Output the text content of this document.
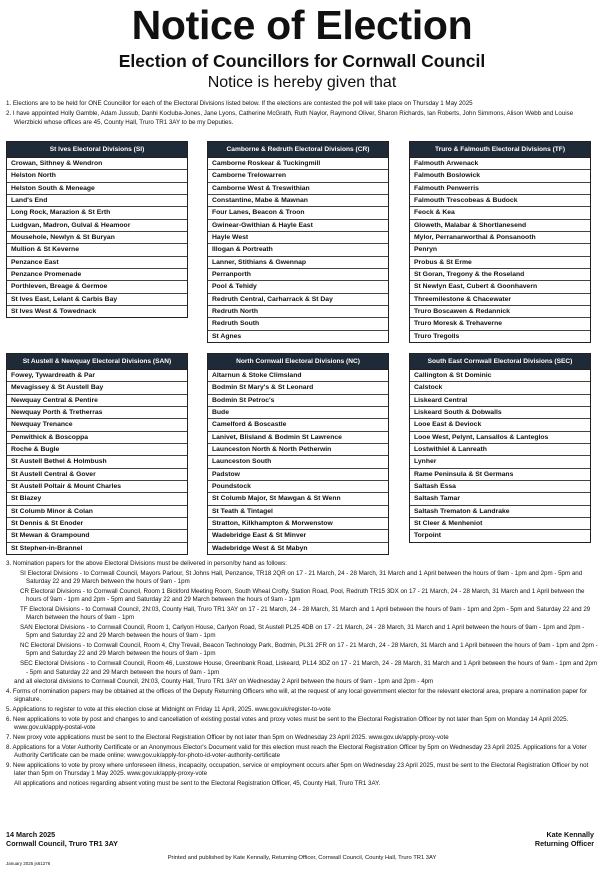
Notice of Election
Election of Councillors for Cornwall Council
Notice is hereby given that

1. Elections are to be held for ONE Councillor for each of the Electoral Divisions listed below. If the elections are contested the poll will take place on Thursday 1 May 2025

2. I have appointed Holly Gamble, Adam Jussub, Danhi Kocluba-Jones, Jane Lyons, Catherine McGrath, Ruth Naylor, Raymond Oliver, Sharon Richards, Ian Roberts, John Simmons, Alison Webb and Louise Wierzbicki whose offices are 45, County Hall, Truro TR1 3AY to be my Deputies.

St Ives Electoral Divisions (SI)
Crowan, Sithney & Wendron
Helston North
Helston South & Meneage
Land's End
Long Rock, Marazion & St Erth
Ludgvan, Madron, Gulval & Heamoor
Mousehole, Newlyn & St Buryan
Mullion & St Keverne
Penzance East
Penzance Promenade
Porthleven, Breage & Germoe
St Ives East, Lelant & Carbis Bay
St Ives West & Towednack
Camborne & Redruth Electoral Divisions (CR)
Camborne Roskear & Tuckingmill
Camborne Trelowarren
Camborne West & Treswithian
Constantine, Mabe & Mawnan
Four Lanes, Beacon & Troon
Gwinear-Gwithian & Hayle East
Hayle West
Illogan & Portreath
Lanner, Stithians & Gwennap
Perranporth
Pool & Tehidy
Redruth Central, Carharrack & St Day
Redruth North
Redruth South
St Agnes
Truro & Falmouth Electoral Divisions (TF)
Falmouth Arwenack
Falmouth Boslowick
Falmouth Penwerris
Falmouth Trescobeas & Budock
Feock & Kea
Gloweth, Malabar & Shortlanesend
Mylor, Perranarworthal & Ponsanooth
Penryn
Probus & St Erme
St Goran, Tregony & the Roseland
St Newlyn East, Cubert & Goonhavern
Threemilestone & Chacewater
Truro Boscawen & Redannick
Truro Moresk & Trehaverne
Truro Tregolls
St Austell & Newquay Electoral Divisions (SAN)
Fowey, Tywardreath & Par
Mevagissey & St Austell Bay
Newquay Central & Pentire
Newquay Porth & Tretherras
Newquay Trenance
Penwithick & Boscoppa
Roche & Bugle
St Austell Bethel & Holmbush
St Austell Central & Gover
St Austell Poltair & Mount Charles
St Blazey
St Columb Minor & Colan
St Dennis & St Enoder
St Mewan & Grampound
St Stephen-in-Brannel
North Cornwall Electoral Divisions (NC)
Altarnun & Stoke Climsland
Bodmin St Mary's & St Leonard
Bodmin St Petroc's
Bude
Camelford & Boscastle
Lanivet, Blisland & Bodmin St Lawrence
Launceston North & North Petherwin
Launceston South
Padstow
Poundstock
St Columb Major, St Mawgan & St Wenn
St Teath & Tintagel
Stratton, Kilkhampton & Morwenstow
Wadebridge East & St Minver
Wadebridge West & St Mabyn
South East Cornwall Electoral Divisions (SEC)
Callington & St Dominic
Calstock
Liskeard Central
Liskeard South & Dobwalls
Looe East & Deviock
Looe West, Pelynt, Lansallos & Lanteglos
Lostwithiel & Lanreath
Lynher
Rame Peninsula & St Germans
Saltash Essa
Saltash Tamar
Saltash Trematon & Landrake
St Cleer & Menheniot
Torpoint

3. Nomination papers for the above Electoral Divisions must be delivered in person/by hand as follows:

SI Electoral Divisions - to Cornwall Council, Mayors Parlour, St Johns Hall, Penzance, TR18 2QR on 17 - 21 March, 24 - 28 March, 31 March and 1 April between the hours of 9am - 1pm and 2pm - 5pm and Saturday 22 and 29 March between the hours of 9am - 1pm

CR Electoral Divisions - to Cornwall Council, Room 1 Bickford Meeting Room, South Wheal Crofty, Station Road, Pool, Redruth TR15 3DX on 17 - 21 March, 24 - 28 March, 31 March and 1 April between the hours of 9am - 1pm and 2pm - 5pm and Saturday 22 and 29 March between the hours of 9am - 1pm

TF Electoral Divisions - to Cornwall Council, 2N:03, County Hall, Truro TR1 3AY on 17 - 21 March, 24 - 28 March, 31 March and 1 April between the hours of 9am - 1pm and 2pm - 5pm and Saturday 22 and 29 March between the hours of 9am - 1pm

SAN Electoral Divisions - to Cornwall Council, Room 1, Carlyon House, Carlyon Road, St Austell PL25 4DB on 17 - 21 March, 24 - 28 March, 31 March and 1 April between the hours of 9am - 1pm and 2pm - 5pm and Saturday 22 and 29 March between the hours of 9am - 1pm

NC Electoral Divisions - to Cornwall Council, Room 4, Chy Trevail, Beacon Technology Park, Bodmin, PL31 2FR on 17 - 21 March, 24 - 28 March, 31 March and 1 April between the hours of 9am - 1pm and 2pm - 5pm and Saturday 22 and 29 March between the hours of 9am - 1pm

SEC Electoral Divisions - to Cornwall Council, Room 46, Luxstowe House, Greenbank Road, Liskeard, PL14 3DZ on 17 - 21 March, 24 - 28 March, 31 March and 1 April between the hours of 9am - 1pm and 2pm - 5pm and Saturday 22 and 29 March between the hours of 9am - 1pm

and all electoral divisions to Cornwall Council, 2N:03, County Hall, Truro TR1 3AY on Wednesday 2 April between the hours of 9am - 1pm and 2pm - 4pm

4. Forms of nomination papers may be obtained at the offices of the Deputy Returning Officers who will, at the request of any local government elector for the relevant electoral area, prepare a nomination paper for signature.

5. Applications to register to vote at this election close at Midnight on Friday 11 April, 2025. www.gov.uk/register-to-vote

6. New applications to vote by post and changes to and cancellation of existing postal votes and proxy votes must be sent to the Electoral Registration Officer by not later than 5pm on Monday 14 April 2025. www.gov.uk/apply-postal-vote

7. New proxy vote applications must be sent to the Electoral Registration Officer by not later than 5pm on Wednesday 23 April 2025. www.gov.uk/apply-proxy-vote

8. Applications for a Voter Authority Certificate or an Anonymous Elector's Document valid for this election must reach the Electoral Registration Officer by 5pm on Wednesday 23 April 2025. Applications for a Voter Authority Certificate can be made online: www.gov.uk/apply-for-photo-id-voter-authority-certificate

9. New applications to vote by proxy where unforeseen illness, incapacity, occupation, service or employment occurs after 5pm on Wednesday 23 April 2025, must be sent to the Electoral Registration Officer by not later than 5pm on Thursday 1 May 2025. www.gov.uk/apply-proxy-vote

All applications and notices regarding absent voting must be sent to the Electoral Registration Officer, 45, County Hall, Truro TR1 3AY.

14 March 2025
Cornwall Council, Truro TR1 3AY
Kate Kennally
Returning Officer
Printed and published by Kate Kennally, Returning Officer, Cornwall Council, County Hall, Truro TR1 3AY
January 2025 js61276
